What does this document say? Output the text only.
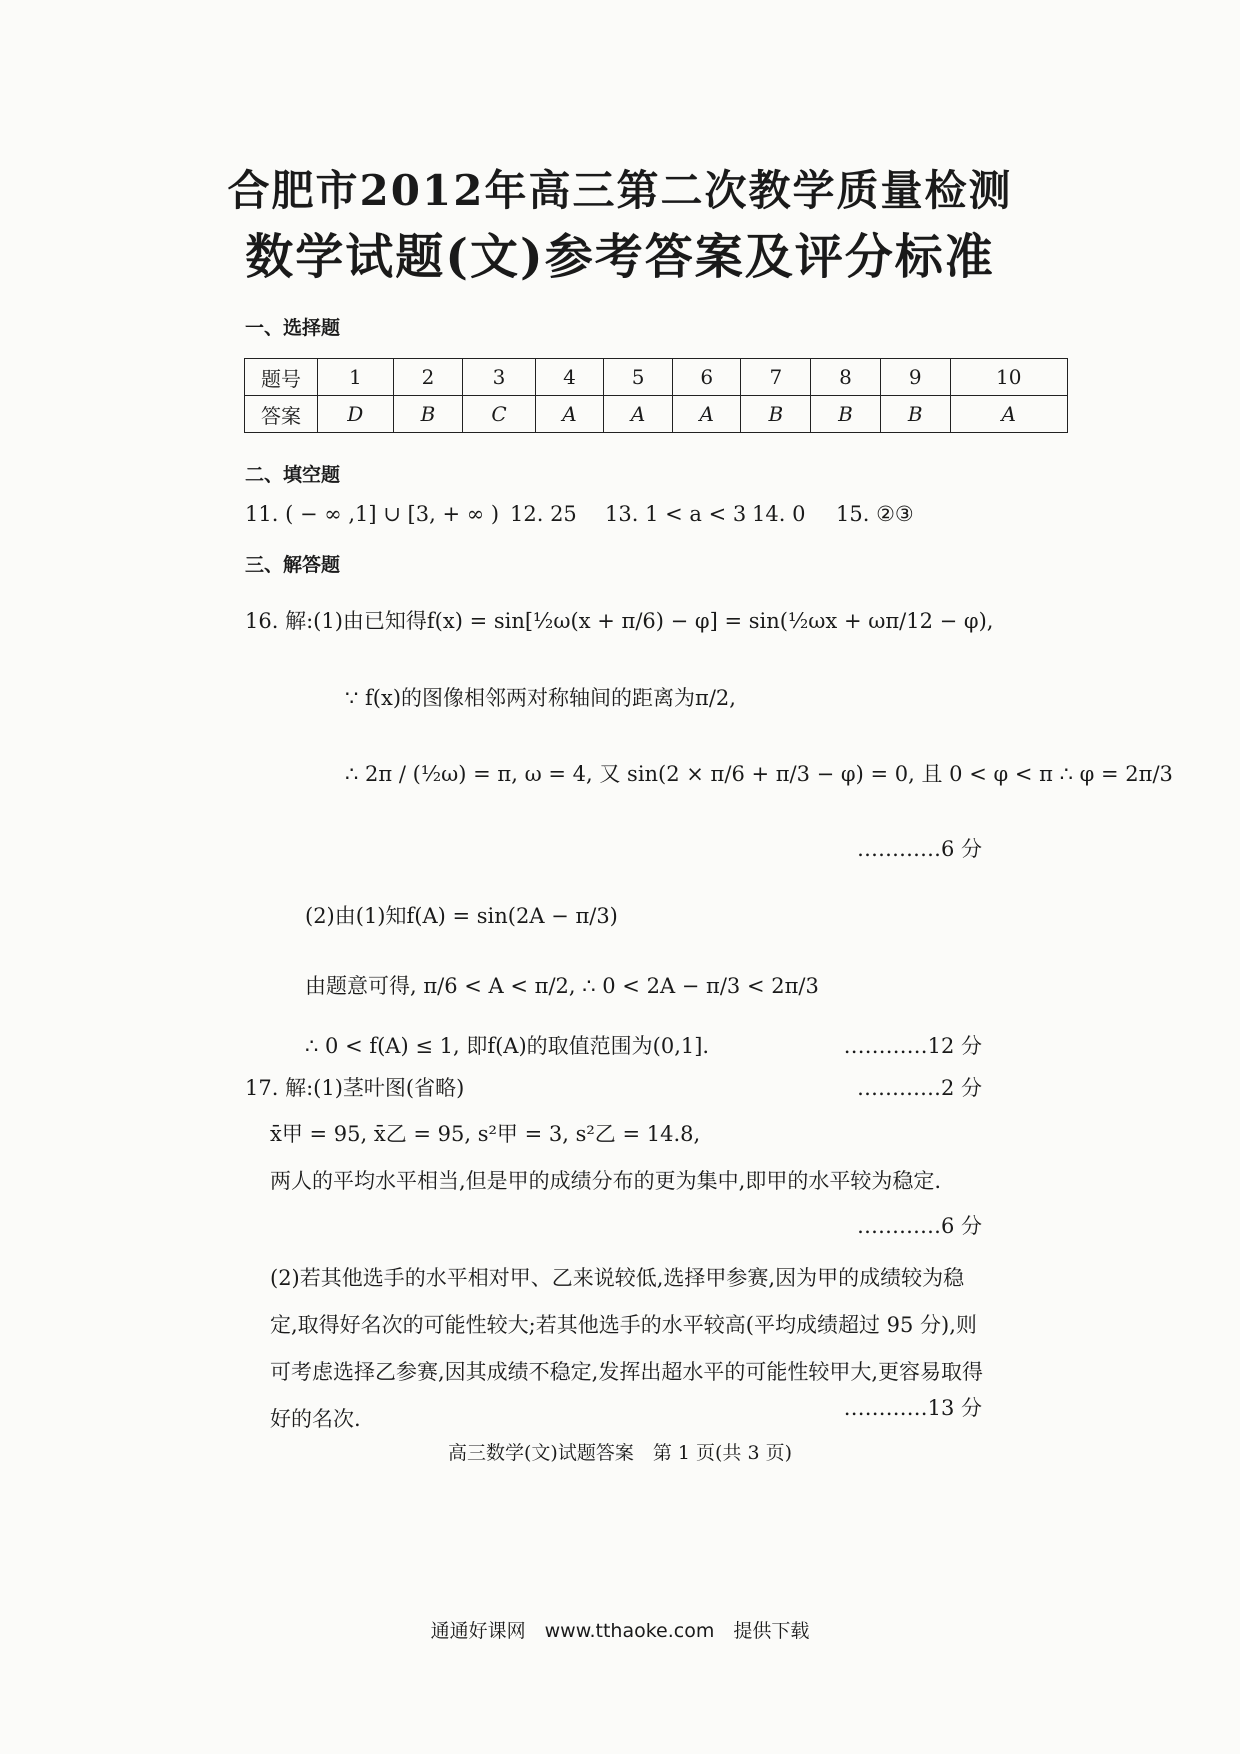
合肥市2012年高三第二次教学质量检测
数学试题(文)参考答案及评分标准
一、选择题
题号	1	2	3	4	5	6	7	8	9	10
答案	D	B	C	A	A	A	B	B	B	A
二、填空题
11. ( − ∞ ,1] ∪ [3, + ∞ ) 12. 25 13. 1 < a < 3 14. 0 15. ②③
三、解答题
16. 解:(1)由已知得f(x) = sin[½ω(x + π/6) − φ] = sin(½ωx + ωπ/12 − φ),
∵ f(x)的图像相邻两对称轴间的距离为π/2,
∴ 2π / (½ω) = π, ω = 4, 又 sin(2 × π/6 + π/3 − φ) = 0, 且 0 < φ < π ∴ φ = 2π/3
…………6 分
(2)由(1)知f(A) = sin(2A − π/3)
由题意可得, π/6 < A < π/2, ∴ 0 < 2A − π/3 < 2π/3
∴ 0 < f(A) ≤ 1, 即f(A)的取值范围为(0,1].	…………12 分
17. 解:(1)茎叶图(省略)	…………2 分
x̄甲 = 95, x̄乙 = 95, s²甲 = 3, s²乙 = 14.8,
两人的平均水平相当,但是甲的成绩分布的更为集中,即甲的水平较为稳定.
…………6 分
(2)若其他选手的水平相对甲、乙来说较低,选择甲参赛,因为甲的成绩较为稳定,取得好名次的可能性较大;若其他选手的水平较高(平均成绩超过 95 分),则可考虑选择乙参赛,因其成绩不稳定,发挥出超水平的可能性较甲大,更容易取得好的名次.	…………13 分
高三数学(文)试题答案　第 1 页(共 3 页)
通通好课网　www.tthaoke.com　提供下载
